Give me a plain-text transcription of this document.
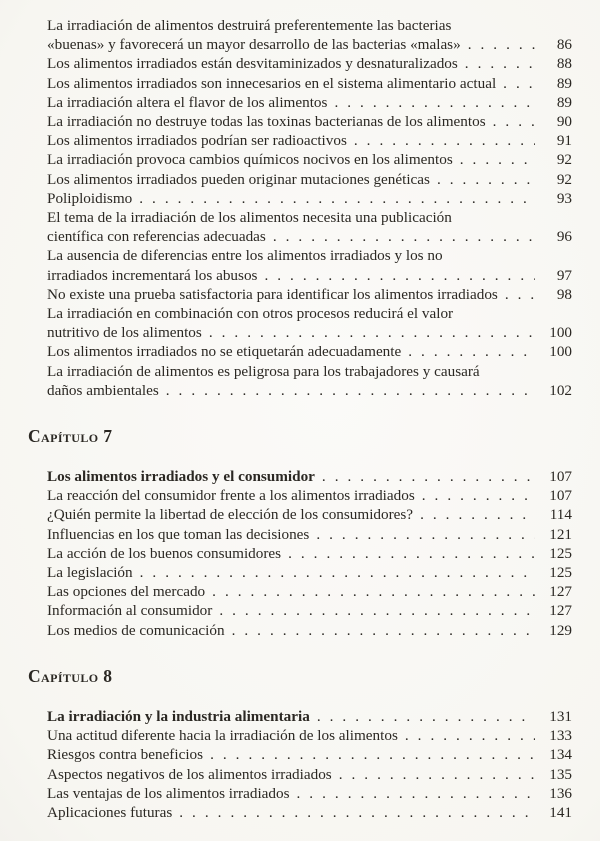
La irradiación de alimentos destruirá preferentemente las bacterias
«buenas» y favorecerá un mayor desarrollo de las bacterias «malas» . . .	86
Los alimentos irradiados están desvitaminizados y desnaturalizados . . .	88
Los alimentos irradiados son innecesarios en el sistema alimentario actual . . .	89
La irradiación altera el flavor de los alimentos . . .	89
La irradiación no destruye todas las toxinas bacterianas de los alimentos . . .	90
Los alimentos irradiados podrían ser radioactivos . . .	91
La irradiación provoca cambios químicos nocivos en los alimentos . . .	92
Los alimentos irradiados pueden originar mutaciones genéticas . . .	92
Poliploidismo . . .	93
El tema de la irradiación de los alimentos necesita una publicación
científica con referencias adecuadas . . .	96
La ausencia de diferencias entre los alimentos irradiados y los no
irradiados incrementará los abusos . . .	97
No existe una prueba satisfactoria para identificar los alimentos irradiados . . .	98
La irradiación en combinación con otros procesos reducirá el valor
nutritivo de los alimentos . . .	100
Los alimentos irradiados no se etiquetarán adecuadamente . . .	100
La irradiación de alimentos es peligrosa para los trabajadores y causará
daños ambientales . . .	102
Capítulo 7
Los alimentos irradiados y el consumidor . . .	107
La reacción del consumidor frente a los alimentos irradiados . . .	107
¿Quién permite la libertad de elección de los consumidores? . . .	114
Influencias en los que toman las decisiones . . .	121
La acción de los buenos consumidores . . .	125
La legislación . . .	125
Las opciones del mercado . . .	127
Información al consumidor . . .	127
Los medios de comunicación . . .	129
Capítulo 8
La irradiación y la industria alimentaria . . .	131
Una actitud diferente hacia la irradiación de los alimentos . . .	133
Riesgos contra beneficios . . .	134
Aspectos negativos de los alimentos irradiados . . .	135
Las ventajas de los alimentos irradiados . . .	136
Aplicaciones futuras . . .	141
